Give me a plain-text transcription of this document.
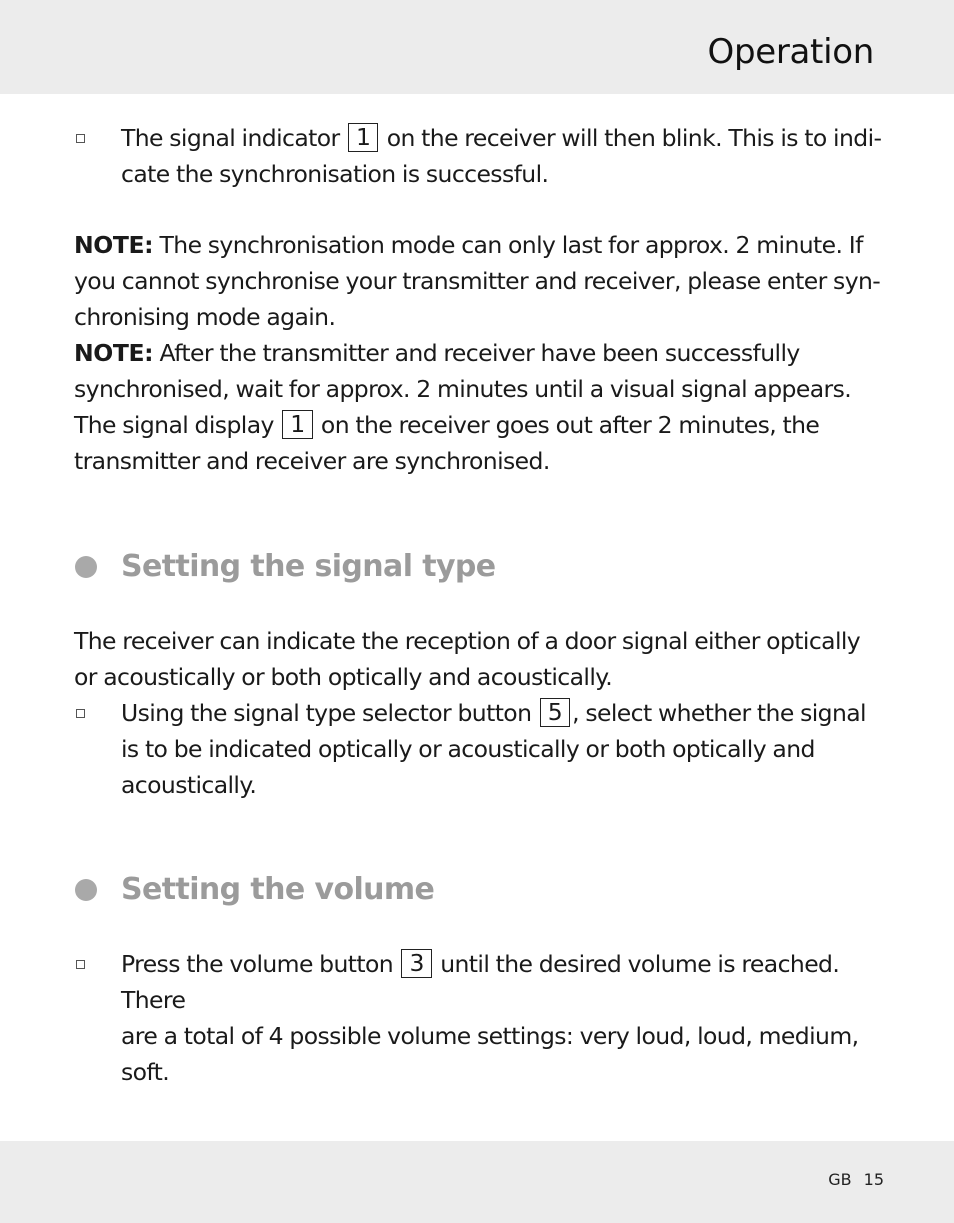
Operation
The signal indicator 1 on the receiver will then blink. This is to indi-
cate the synchronisation is successful.
NOTE: The synchronisation mode can only last for approx. 2 minute. If
you cannot synchronise your transmitter and receiver, please enter syn-
chronising mode again.
NOTE: After the transmitter and receiver have been successfully
synchronised, wait for approx. 2 minutes until a visual signal appears.
The signal display 1 on the receiver goes out after 2 minutes, the
transmitter and receiver are synchronised.
Setting the signal type
The receiver can indicate the reception of a door signal either optically
or acoustically or both optically and acoustically.
Using the signal type selector button 5 , select whether the signal
is to be indicated optically or acoustically or both optically and
acoustically.
Setting the volume
Press the volume button 3 until the desired volume is reached. There
are a total of 4 possible volume settings: very loud, loud, medium, soft.
GB 15
